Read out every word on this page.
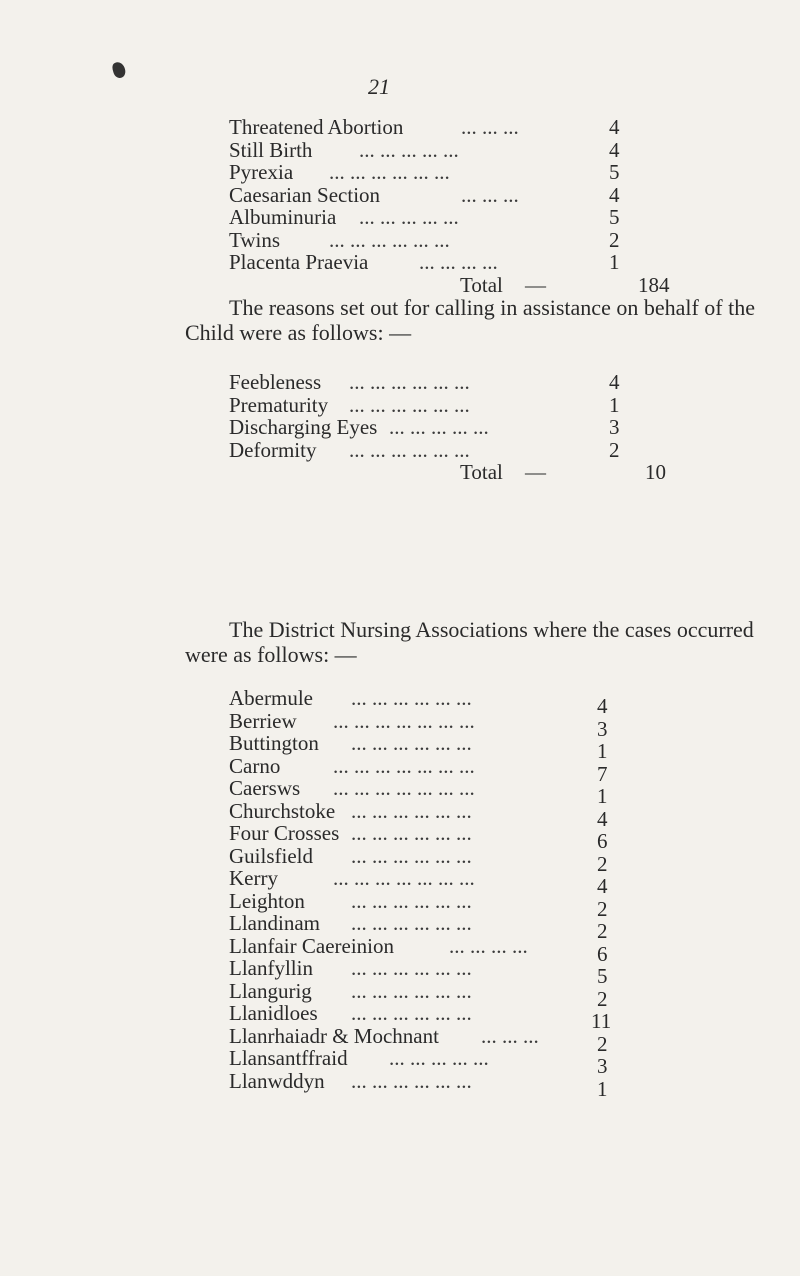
21
Threatened Abortion	... ... ...	4
Still Birth ... ... ... ... ...	4
Pyrexia ... ... ... ... ... ...	5
Caesarian Section	... ... ...	4
Albuminuria ... ... ... ... ...	5
Twins ... ... ... ... ... ...	2
Placenta Praevia ... ... ... ...	1
Total —	184
The reasons set out for calling in assistance on behalf of the
Child were as follows: —
Feebleness ... ... ... ... ... ...	4
Prematurity ... ... ... ... ... ...	1
Discharging Eyes ... ... ... ... ...	3
Deformity ... ... ... ... ... ...	2
Total —	10
The District Nursing Associations where the cases occurred
were as follows: —
Abermule ... ... ... ... ... ...	4
Berriew ... ... ... ... ... ... ...	3
Buttington ... ... ... ... ... ...	1
Carno	... ... ... ... ... ... ...	7
Caersws ... ... ... ... ... ... ...	1
Churchstoke ... ... ... ... ... ...	4
Four Crosses ... ... ... ... ... ...	6
Guilsfield ... ... ... ... ... ...	2
Kerry	... ... ... ... ... ... ...	4
Leighton ... ... ... ... ... ...	2
Llandinam ... ... ... ... ... ...	2
Llanfair Caereinion	... ... ... ...	6
Llanfyllin ... ... ... ... ... ...	5
Llangurig ... ... ... ... ... ...	2
Llanidloes ... ... ... ... ... ...	11
Llanrhaiadr & Mochnant ... ... ...	2
Llansantffraid ... ... ... ... ...	3
Llanwddyn ... ... ... ... ... ...	1
